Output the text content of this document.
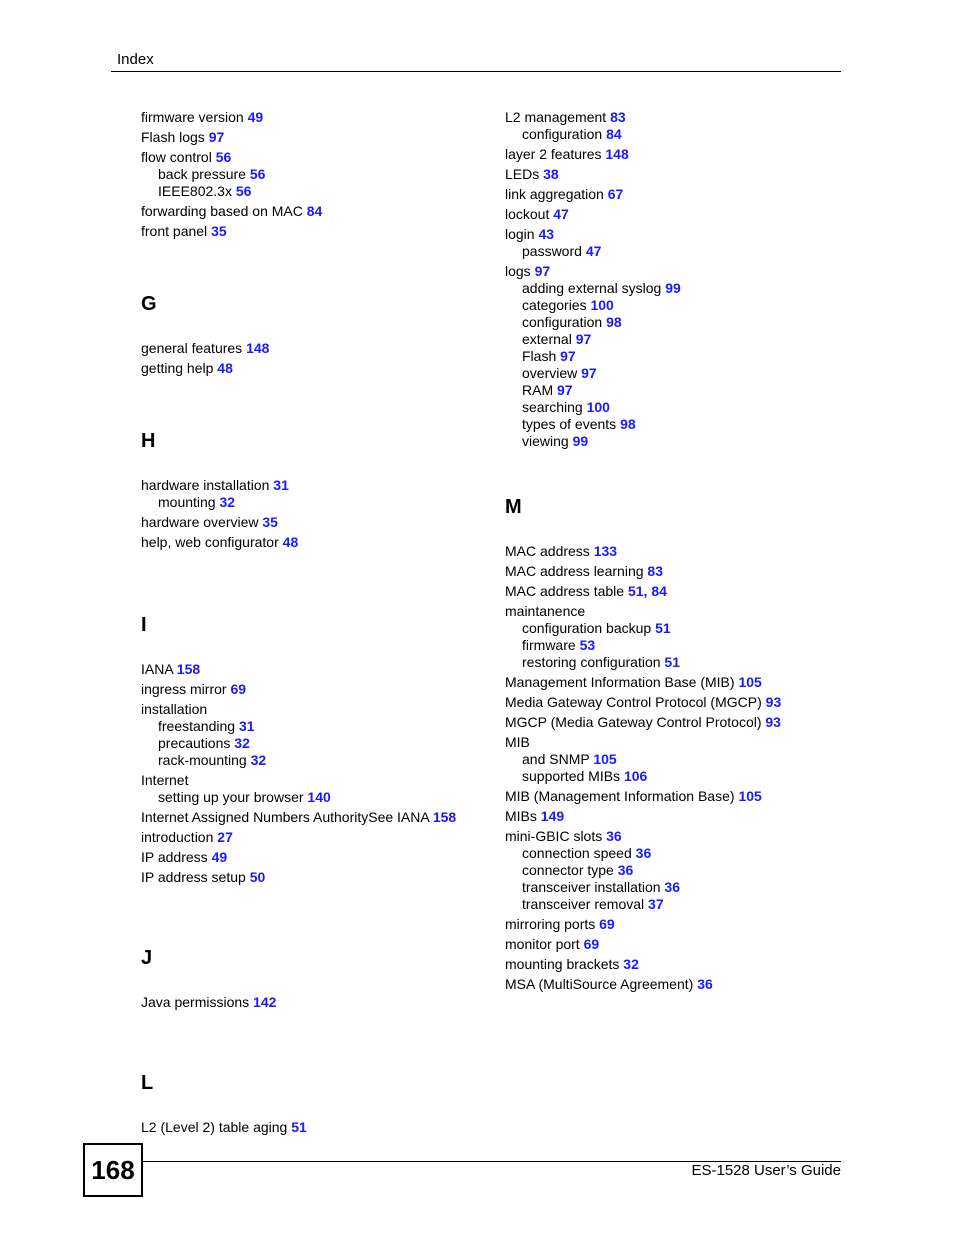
Index
firmware version 49
Flash logs 97
flow control 56
back pressure 56
IEEE802.3x 56
forwarding based on MAC 84
front panel 35
G
general features 148
getting help 48
H
hardware installation 31
mounting 32
hardware overview 35
help, web configurator 48
I
IANA 158
ingress mirror 69
installation
freestanding 31
precautions 32
rack-mounting 32
Internet
setting up your browser 140
Internet Assigned Numbers AuthoritySee IANA 158
introduction 27
IP address 49
IP address setup 50
J
Java permissions 142
L
L2 (Level 2) table aging 51
L2 management 83
configuration 84
layer 2 features 148
LEDs 38
link aggregation 67
lockout 47
login 43
password 47
logs 97
adding external syslog 99
categories 100
configuration 98
external 97
Flash 97
overview 97
RAM 97
searching 100
types of events 98
viewing 99
M
MAC address 133
MAC address learning 83
MAC address table 51, 84
maintanence
configuration backup 51
firmware 53
restoring configuration 51
Management Information Base (MIB) 105
Media Gateway Control Protocol (MGCP) 93
MGCP (Media Gateway Control Protocol) 93
MIB
and SNMP 105
supported MIBs 106
MIB (Management Information Base) 105
MIBs 149
mini-GBIC slots 36
connection speed 36
connector type 36
transceiver installation 36
transceiver removal 37
mirroring ports 69
monitor port 69
mounting brackets 32
MSA (MultiSource Agreement) 36
168	ES-1528 User’s Guide
